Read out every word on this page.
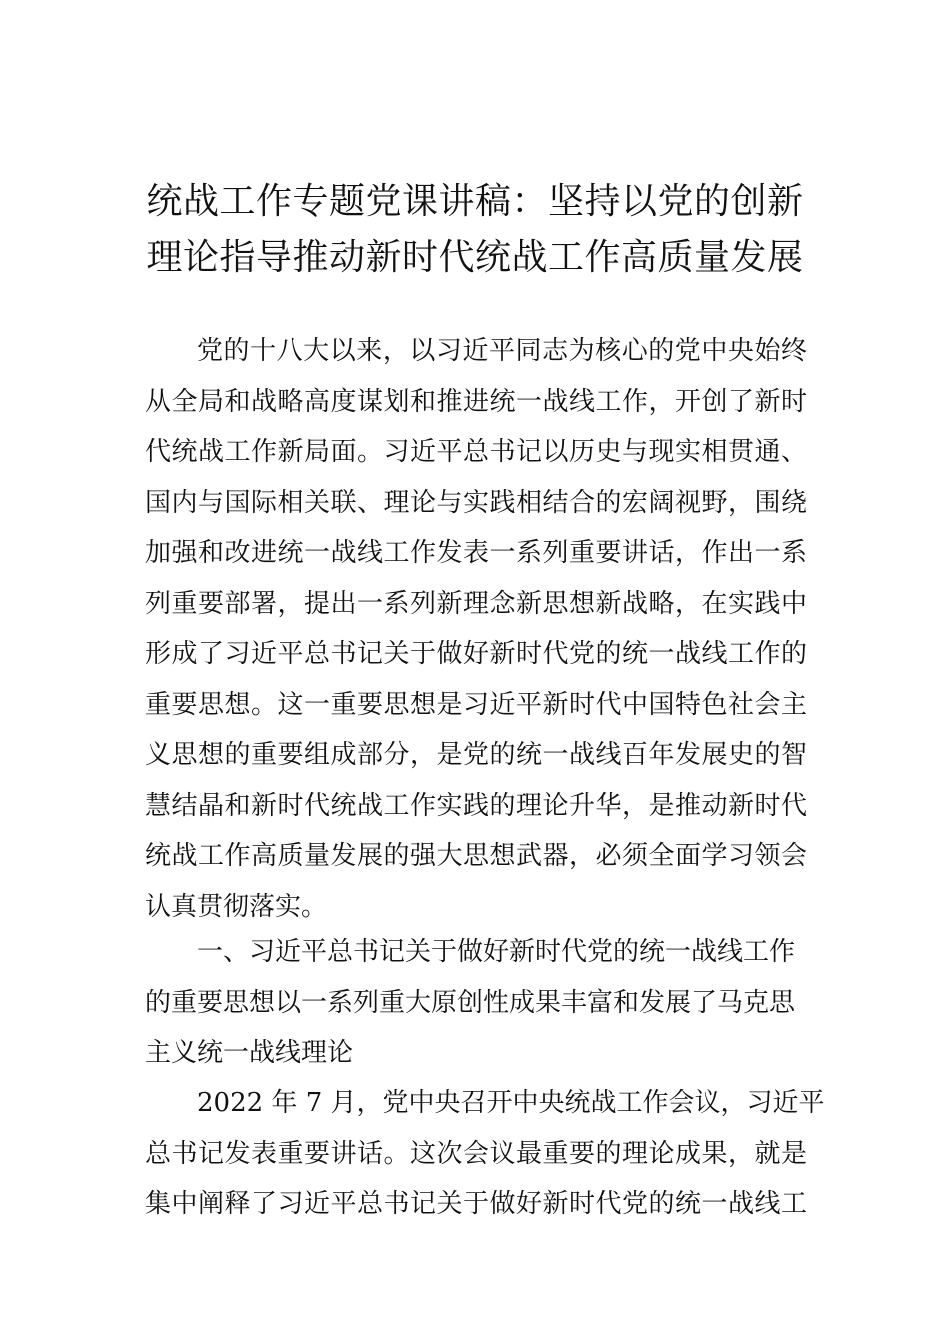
统战工作专题党课讲稿：坚持以党的创新
理论指导推动新时代统战工作高质量发展
党的十八大以来，以习近平同志为核心的党中央始终
从全局和战略高度谋划和推进统一战线工作，开创了新时
代统战工作新局面。习近平总书记以历史与现实相贯通、
国内与国际相关联、理论与实践相结合的宏阔视野，围绕
加强和改进统一战线工作发表一系列重要讲话，作出一系
列重要部署，提出一系列新理念新思想新战略，在实践中
形成了习近平总书记关于做好新时代党的统一战线工作的
重要思想。这一重要思想是习近平新时代中国特色社会主
义思想的重要组成部分，是党的统一战线百年发展史的智
慧结晶和新时代统战工作实践的理论升华，是推动新时代
统战工作高质量发展的强大思想武器，必须全面学习领会
认真贯彻落实。
一、习近平总书记关于做好新时代党的统一战线工作
的重要思想以一系列重大原创性成果丰富和发展了马克思
主义统一战线理论
2022 年 7 月，党中央召开中央统战工作会议，习近平
总书记发表重要讲话。这次会议最重要的理论成果，就是
集中阐释了习近平总书记关于做好新时代党的统一战线工
